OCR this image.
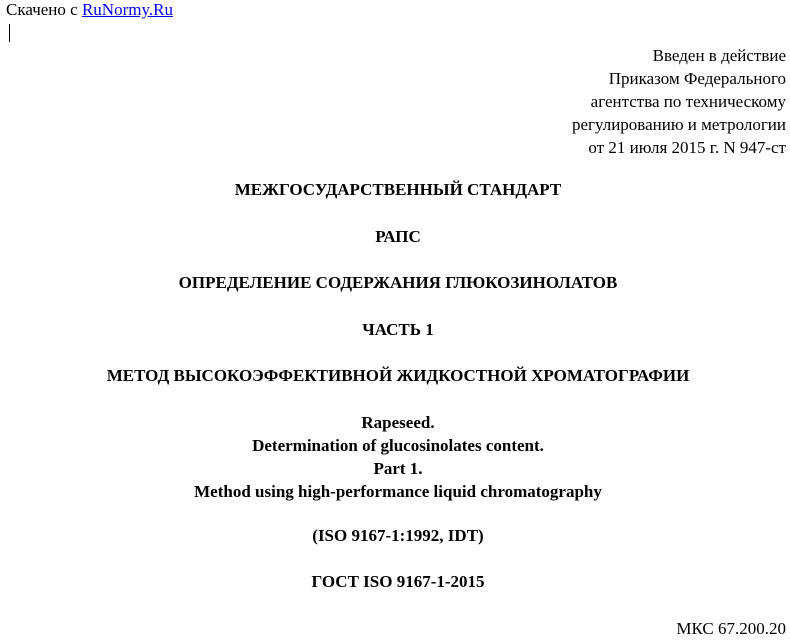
Скачено с RuNormy.Ru
Введен в действие
Приказом Федерального
агентства по техническому
регулированию и метрологии
от 21 июля 2015 г. N 947-ст
МЕЖГОСУДАРСТВЕННЫЙ СТАНДАРТ
РАПС
ОПРЕДЕЛЕНИЕ СОДЕРЖАНИЯ ГЛЮКОЗИНОЛАТОВ
ЧАСТЬ 1
МЕТОД ВЫСОКОЭФФЕКТИВНОЙ ЖИДКОСТНОЙ ХРОМАТОГРАФИИ
Rapeseed.
Determination of glucosinolates content.
Part 1.
Method using high-performance liquid chromatography
(ISO 9167-1:1992, IDT)
ГОСТ ISO 9167-1-2015
МКС 67.200.20
